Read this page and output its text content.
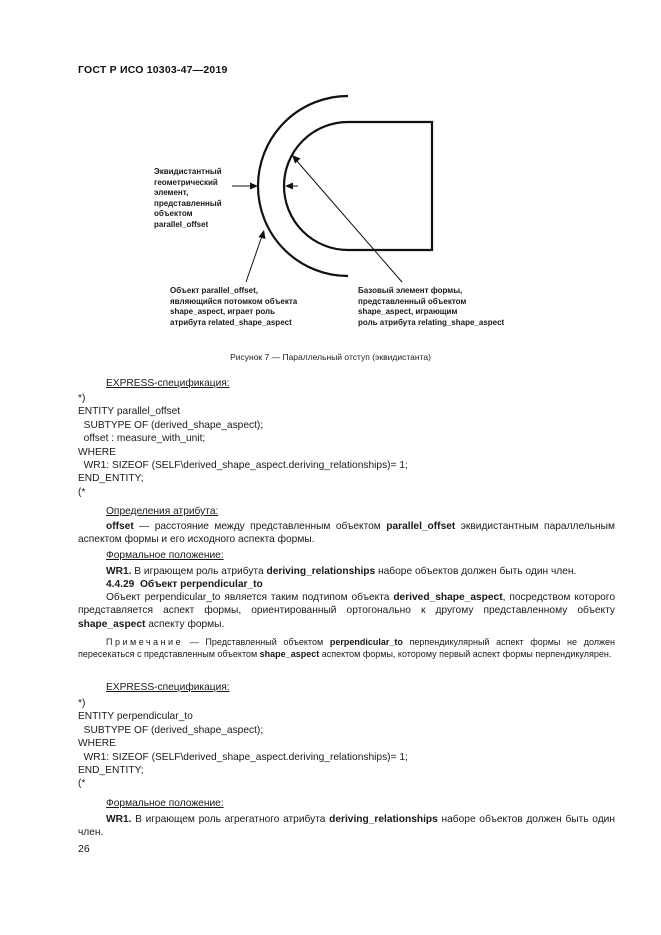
ГОСТ Р ИСО 10303-47—2019
Эквидистантный
геометрический
элемент,
представленный
объектом
parallel_offset
Объект parallel_offset,
являющийся потомком объекта
shape_aspect, играет роль
атрибута related_shape_aspect
Базовый элемент формы,
представленный объектом
shape_aspect, играющим
роль атрибута relating_shape_aspect
Рисунок 7 — Параллельный отступ (эквидистанта)
EXPRESS-спецификация:
*)
ENTITY parallel_offset
SUBTYPE OF (derived_shape_aspect);
offset : measure_with_unit;
WHERE
WR1: SIZEOF (SELF\derived_shape_aspect.deriving_relationships)= 1;
END_ENTITY;
(*
Определения атрибута:
offset — расстояние между представленным объектом parallel_offset эквидистантным параллельным аспектом формы и его исходного аспекта формы.
Формальное положение:
WR1. В играющем роль атрибута deriving_relationships наборе объектов должен быть один член.
4.4.29 Объект perpendicular_to
Объект perpendicular_to является таким подтипом объекта derived_shape_aspect, посредством которого представляется аспект формы, ориентированный ортогонально к другому представленному объекту shape_aspect аспекту формы.
Примечание — Представленный объектом perpendicular_to перпендикулярный аспект формы не должен пересекаться с представленным объектом shape_aspect аспектом формы, которому первый аспект формы перпендикулярен.
EXPRESS-спецификация:
*)
ENTITY perpendicular_to
SUBTYPE OF (derived_shape_aspect);
WHERE
WR1: SIZEOF (SELF\derived_shape_aspect.deriving_relationships)= 1;
END_ENTITY;
(*
Формальное положение:
WR1. В играющем роль агрегатного атрибута deriving_relationships наборе объектов должен быть один член.
26
